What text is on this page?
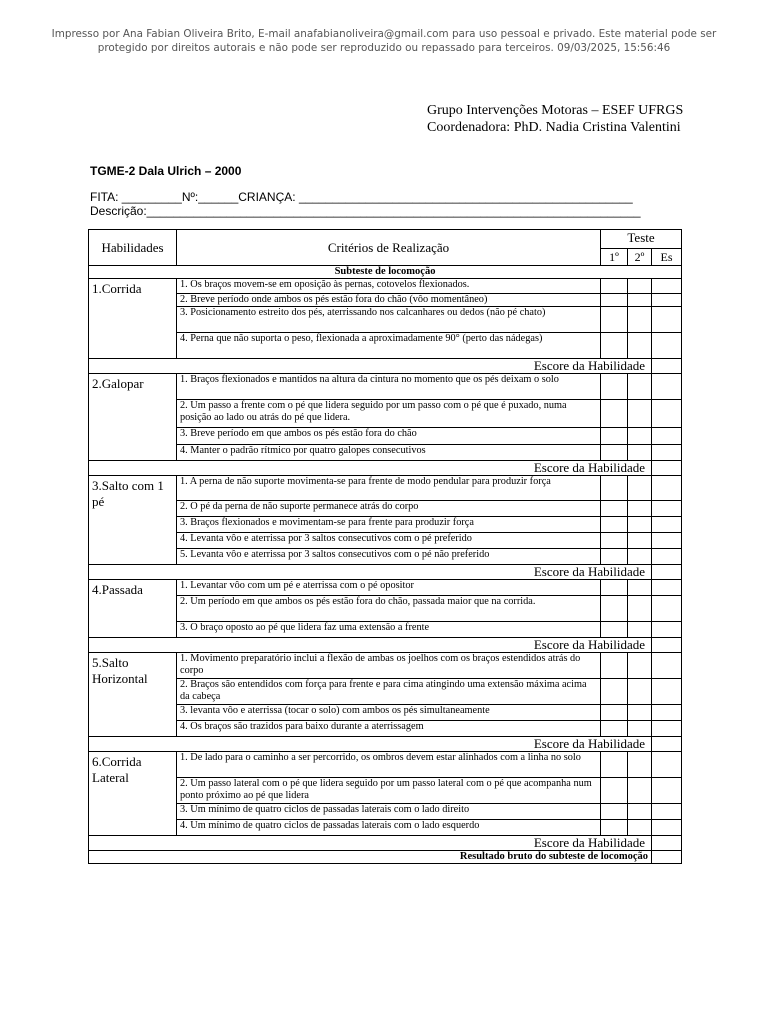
Impresso por Ana Fabian Oliveira Brito, E-mail anafabianoliveira@gmail.com para uso pessoal e privado. Este material pode ser
protegido por direitos autorais e não pode ser reproduzido ou repassado para terceiros. 09/03/2025, 15:56:46
Grupo Intervenções Motoras – ESEF UFRGS
Coordenadora: PhD. Nadia Cristina Valentini
TGME-2 Dala Ulrich – 2000
FITA: _________Nº:______CRIANÇA: __________________________________________________
Descrição:__________________________________________________________________________
Habilidades	Critérios de Realização	Teste		
		1º	2º	Es
Subteste de locomoção				
1.Corrida	1. Os braços movem-se em oposição às pernas, cotovelos flexionados.			
	2. Breve período onde ambos os pés estão fora do chão (vôo momentâneo)			
	3. Posicionamento estreito dos pés, aterrissando nos calcanhares ou dedos (não pé chato)			
	4. Perna que não suporta o peso, flexionada a aproximadamente 90° (perto das nádegas)			
Escore da Habilidade				
2.Galopar	1. Braços flexionados e mantidos na altura da cintura no momento que os pés deixam o solo			
	2. Um passo a frente com o pé que lidera seguido por um passo com o pé que é puxado, numa posição ao lado ou atrás do pé que lidera.			
	3. Breve período em que ambos os pés estão fora do chão			
	4. Manter o padrão rítmico por quatro galopes consecutivos			
Escore da Habilidade				
3.Salto com 1 pé	1. A perna de não suporte movimenta-se para frente de modo pendular para produzir força			
	2. O pé da perna de não suporte permanece atrás do corpo			
	3. Braços flexionados e movimentam-se para frente para produzir força			
	4. Levanta vôo e aterrissa por 3 saltos consecutivos com o pé preferido			
	5. Levanta vôo e aterrissa por 3 saltos consecutivos com o pé não preferido			
Escore da Habilidade				
4.Passada	1. Levantar vôo com um pé e aterrissa com o pé opositor			
	2. Um período em que ambos os pés estão fora do chão, passada maior que na corrida.			
	3. O braço oposto ao pé que lidera faz uma extensão a frente			
Escore da Habilidade				
5.Salto Horizontal	1. Movimento preparatório inclui a flexão de ambas os joelhos com os braços estendidos atrás do corpo			
	2. Braços são entendidos com força para frente e para cima atingindo uma extensão máxima acima da cabeça			
	3. levanta vôo e aterrissa (tocar o solo) com ambos os pés simultaneamente			
	4. Os braços são trazidos para baixo durante a aterrissagem			
Escore da Habilidade				
6.Corrida Lateral	1. De lado para o caminho a ser percorrido, os ombros devem estar alinhados com a linha no solo			
	2. Um passo lateral com o pé que lidera seguido por um passo lateral com o pé que acompanha num ponto próximo ao pé que lidera			
	3. Um mínimo de quatro ciclos de passadas laterais com o lado direito			
	4. Um mínimo de quatro ciclos de passadas laterais com o lado esquerdo			
Escore da Habilidade				
Resultado bruto do subteste de locomoção				
